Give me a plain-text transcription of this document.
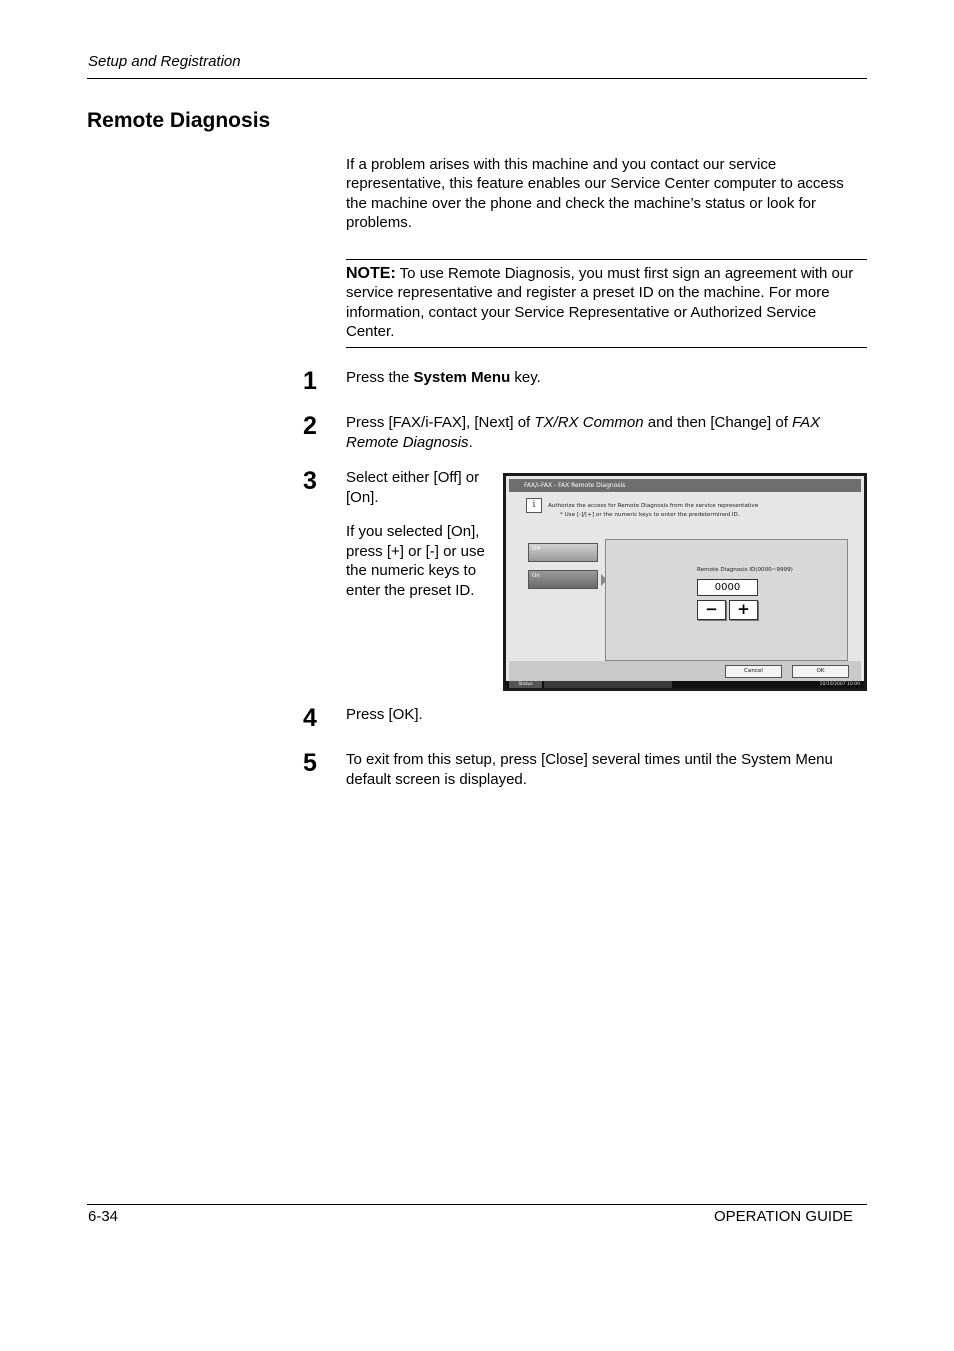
Setup and Registration
Remote Diagnosis
If a problem arises with this machine and you contact our service representative, this feature enables our Service Center computer to access the machine over the phone and check the machine’s status or look for problems.
NOTE: To use Remote Diagnosis, you must first sign an agreement with our service representative and register a preset ID on the machine. For more information, contact your Service Representative or Authorized Service Center.
1 Press the System Menu key.
2 Press [FAX/i-FAX], [Next] of TX/RX Common and then [Change] of FAX Remote Diagnosis.
3 Select either [Off] or [On].
If you selected [On], press [+] or [-] or use the numeric keys to enter the preset ID.
FAX/i-FAX - FAX Remote Diagnosis
i	Authorize the access for Remote Diagnosis from the service representative
* Use [-]/[+] or the numeric keys to enter the predetermined ID.
Off
On
Remote Diagnosis ID(0000~9999)
0000
−	+
Cancel	OK
Status	10/10/2007 10:00
4 Press [OK].
5 To exit from this setup, press [Close] several times until the System Menu default screen is displayed.
6-34	OPERATION GUIDE
